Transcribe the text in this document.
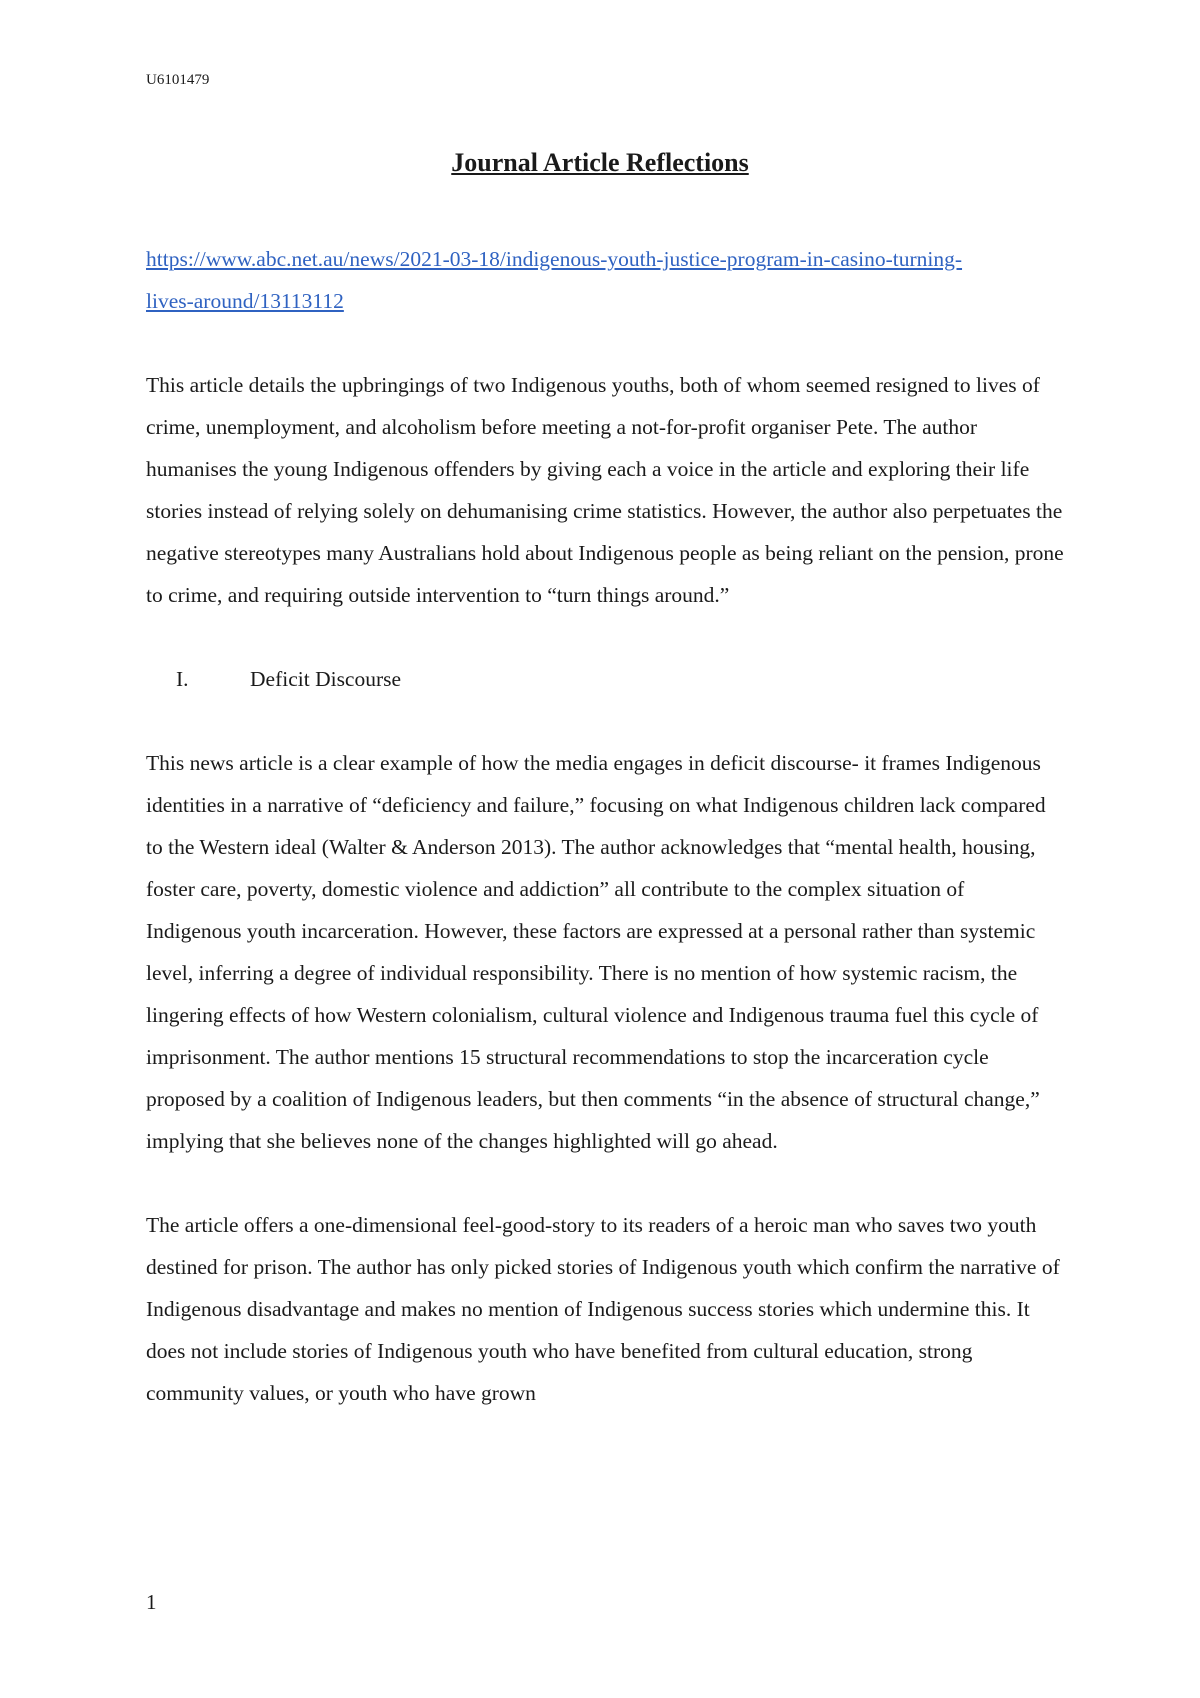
U6101479
Journal Article Reflections
https://www.abc.net.au/news/2021-03-18/indigenous-youth-justice-program-in-casino-turning-lives-around/13113112

This article details the upbringings of two Indigenous youths, both of whom seemed resigned to lives of crime, unemployment, and alcoholism before meeting a not-for-profit organiser Pete. The author humanises the young Indigenous offenders by giving each a voice in the article and exploring their life stories instead of relying solely on dehumanising crime statistics. However, the author also perpetuates the negative stereotypes many Australians hold about Indigenous people as being reliant on the pension, prone to crime, and requiring outside intervention to “turn things around.”

I.	Deficit Discourse

This news article is a clear example of how the media engages in deficit discourse- it frames Indigenous identities in a narrative of “deficiency and failure,” focusing on what Indigenous children lack compared to the Western ideal (Walter & Anderson 2013). The author acknowledges that “mental health, housing, foster care, poverty, domestic violence and addiction” all contribute to the complex situation of Indigenous youth incarceration. However, these factors are expressed at a personal rather than systemic level, inferring a degree of individual responsibility. There is no mention of how systemic racism, the lingering effects of how Western colonialism, cultural violence and Indigenous trauma fuel this cycle of imprisonment. The author mentions 15 structural recommendations to stop the incarceration cycle proposed by a coalition of Indigenous leaders, but then comments “in the absence of structural change,” implying that she believes none of the changes highlighted will go ahead.

The article offers a one-dimensional feel-good-story to its readers of a heroic man who saves two youth destined for prison. The author has only picked stories of Indigenous youth which confirm the narrative of Indigenous disadvantage and makes no mention of Indigenous success stories which undermine this. It does not include stories of Indigenous youth who have benefited from cultural education, strong community values, or youth who have grown

1
